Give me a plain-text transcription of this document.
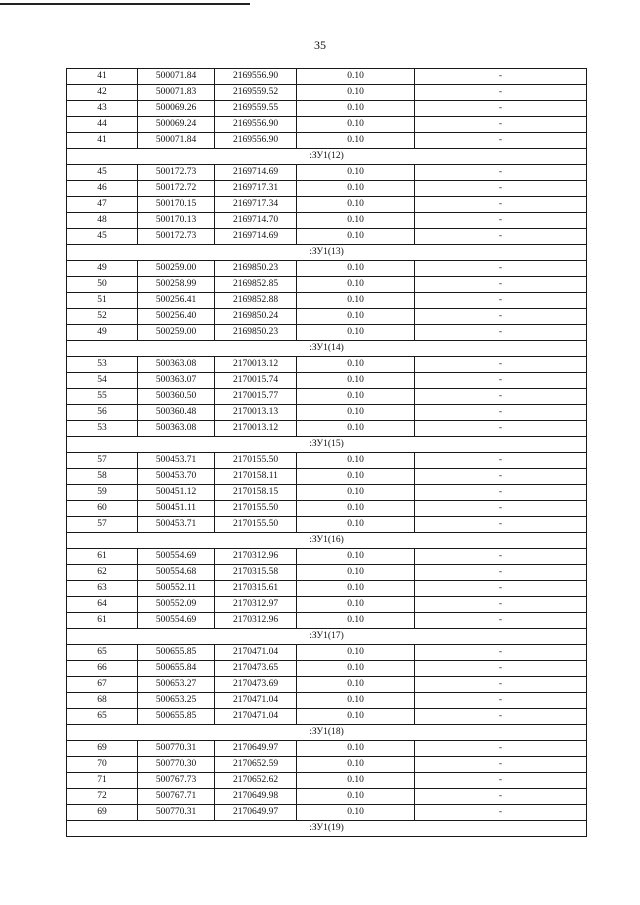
35
41	500071.84	2169556.90	0.10	-
42	500071.83	2169559.52	0.10	-
43	500069.26	2169559.55	0.10	-
44	500069.24	2169556.90	0.10	-
41	500071.84	2169556.90	0.10	-
:ЗУ1(12)				
45	500172.73	2169714.69	0.10	-
46	500172.72	2169717.31	0.10	-
47	500170.15	2169717.34	0.10	-
48	500170.13	2169714.70	0.10	-
45	500172.73	2169714.69	0.10	-
:ЗУ1(13)				
49	500259.00	2169850.23	0.10	-
50	500258.99	2169852.85	0.10	-
51	500256.41	2169852.88	0.10	-
52	500256.40	2169850.24	0.10	-
49	500259.00	2169850.23	0.10	-
:ЗУ1(14)				
53	500363.08	2170013.12	0.10	-
54	500363.07	2170015.74	0.10	-
55	500360.50	2170015.77	0.10	-
56	500360.48	2170013.13	0.10	-
53	500363.08	2170013.12	0.10	-
:ЗУ1(15)				
57	500453.71	2170155.50	0.10	-
58	500453.70	2170158.11	0.10	-
59	500451.12	2170158.15	0.10	-
60	500451.11	2170155.50	0.10	-
57	500453.71	2170155.50	0.10	-
:ЗУ1(16)				
61	500554.69	2170312.96	0.10	-
62	500554.68	2170315.58	0.10	-
63	500552.11	2170315.61	0.10	-
64	500552.09	2170312.97	0.10	-
61	500554.69	2170312.96	0.10	-
:ЗУ1(17)				
65	500655.85	2170471.04	0.10	-
66	500655.84	2170473.65	0.10	-
67	500653.27	2170473.69	0.10	-
68	500653.25	2170471.04	0.10	-
65	500655.85	2170471.04	0.10	-
:ЗУ1(18)				
69	500770.31	2170649.97	0.10	-
70	500770.30	2170652.59	0.10	-
71	500767.73	2170652.62	0.10	-
72	500767.71	2170649.98	0.10	-
69	500770.31	2170649.97	0.10	-
:ЗУ1(19)				
